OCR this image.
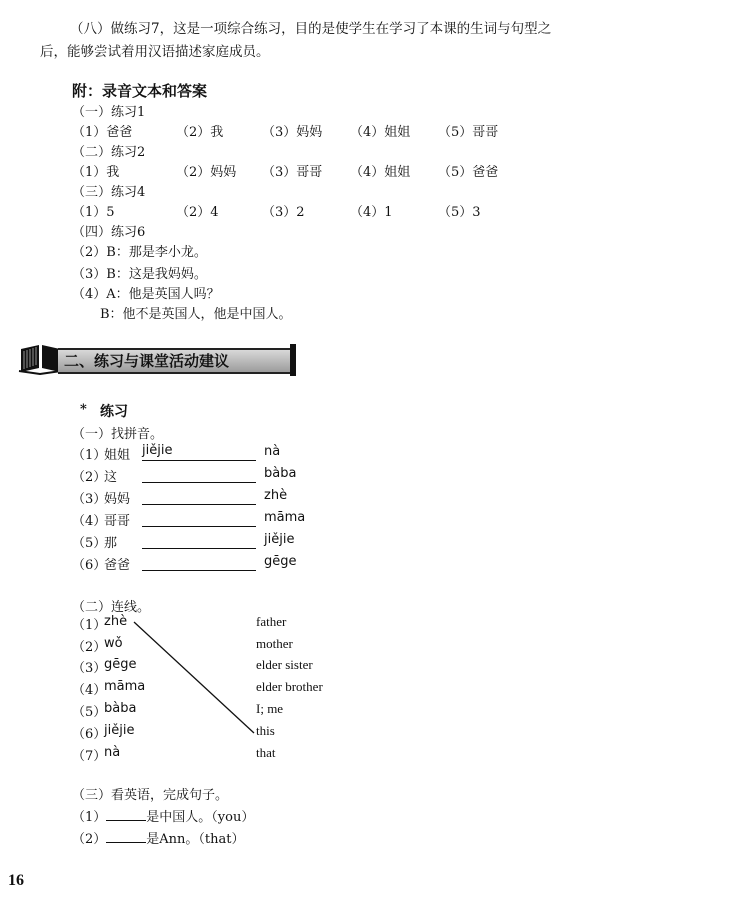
（八）做练习7，这是一项综合练习，目的是使学生在学习了本课的生词与句型之
后，能够尝试着用汉语描述家庭成员。
附：录音文本和答案
（一）练习1
（1）爸爸	（2）我	（3）妈妈 （4）姐姐 （5）哥哥
（二）练习2
（1）我	（2）妈妈 （3）哥哥 （4）姐姐 （5）爸爸
（三）练习4
（1）5	（2）4	（3）2	（4）1	（5）3
（四）练习6
（2）B：那是李小龙。
（3）B：这是我妈妈。
（4）A：他是英国人吗？
B：他不是英国人，他是中国人。
二、练习与课堂活动建议
* 练习
（一）找拼音。
（1）
姐姐 jiějie	nà
（2）
这	bàba
（3）
妈妈	zhè
（4）
哥哥	māma
（5）
那	jiějie
（6）
爸爸	gēge
（二）连线。
（1）
zhè	father
（2）
wǒ	mother
（3）
gēge	elder sister
（4）
māma	elder brother
（5）
bàba	I; me
（6）
jiějie	this
（7）
nà	that
（三）看英语，完成句子。
（1）	是中国人。（you）
（2）	是Ann。（that）
16
